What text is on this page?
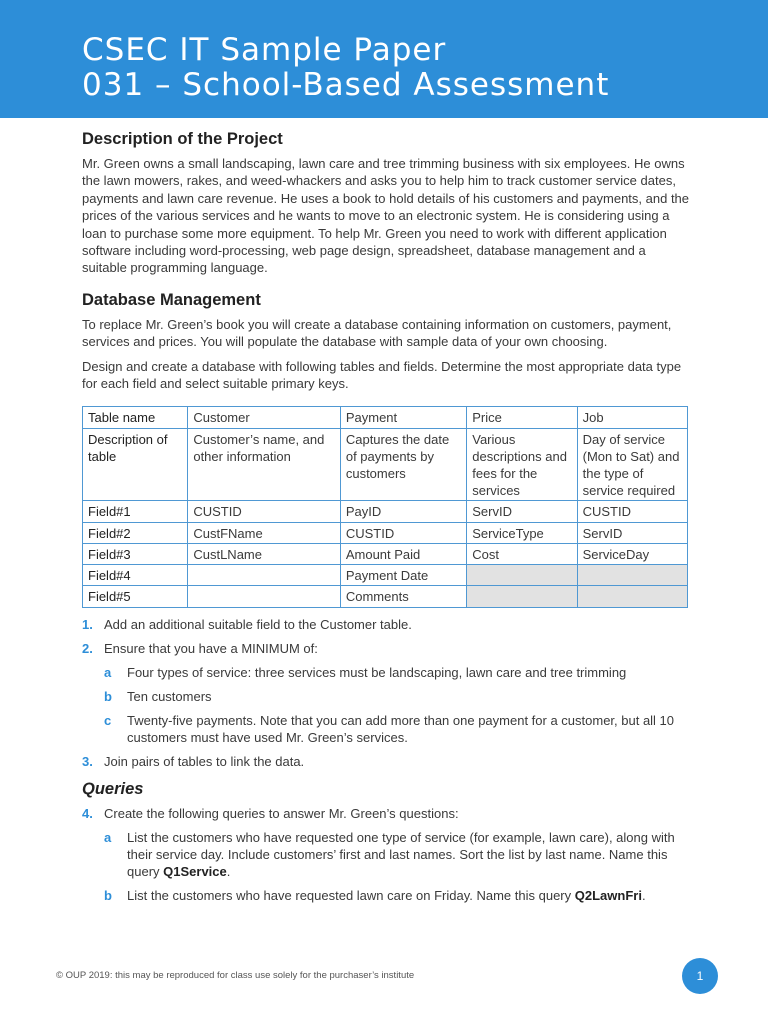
CSEC IT Sample Paper
031 – School-Based Assessment
Description of the Project

Mr. Green owns a small landscaping, lawn care and tree trimming business with six employees. He owns the lawn mowers, rakes, and weed-whackers and asks you to help him to track customer service dates, payments and lawn care revenue. He uses a book to hold details of his customers and payments, and the prices of the various services and he wants to move to an electronic system. He is considering using a loan to purchase some more equipment. To help Mr. Green you need to work with different application software including word-processing, web page design, spreadsheet, database management and a suitable programming language.

Database Management

To replace Mr. Green’s book you will create a database containing information on customers, payment, services and prices. You will populate the database with sample data of your own choosing.

Design and create a database with following tables and fields. Determine the most appropriate data type for each field and select suitable primary keys.

Table name	Customer	Payment	Price	Job
Description of table	Customer’s name, and other information	Captures the date of payments by customers	Various descriptions and fees for the services	Day of service (Mon to Sat) and the type of service required
Field#1	CUSTID	PayID	ServID	CUSTID
Field#2	CustFName	CUSTID	ServiceType	ServID
Field#3	CustLName	Amount Paid	Cost	ServiceDay
Field#4		Payment Date		
Field#5		Comments		
1. Add an additional suitable field to the Customer table.
2. Ensure that you have a MINIMUM of:
a Four types of service: three services must be landscaping, lawn care and tree trimming
b Ten customers
c Twenty-five payments. Note that you can add more than one payment for a customer, but all 10 customers must have used Mr. Green’s services.
3. Join pairs of tables to link the data.
Queries
4. Create the following queries to answer Mr. Green’s questions:
a List the customers who have requested one type of service (for example, lawn care), along with their service day. Include customers’ first and last names. Sort the list by last name. Name this query Q1Service.
b List the customers who have requested lawn care on Friday. Name this query Q2LawnFri.
© OUP 2019: this may be reproduced for class use solely for the purchaser’s institute	1
